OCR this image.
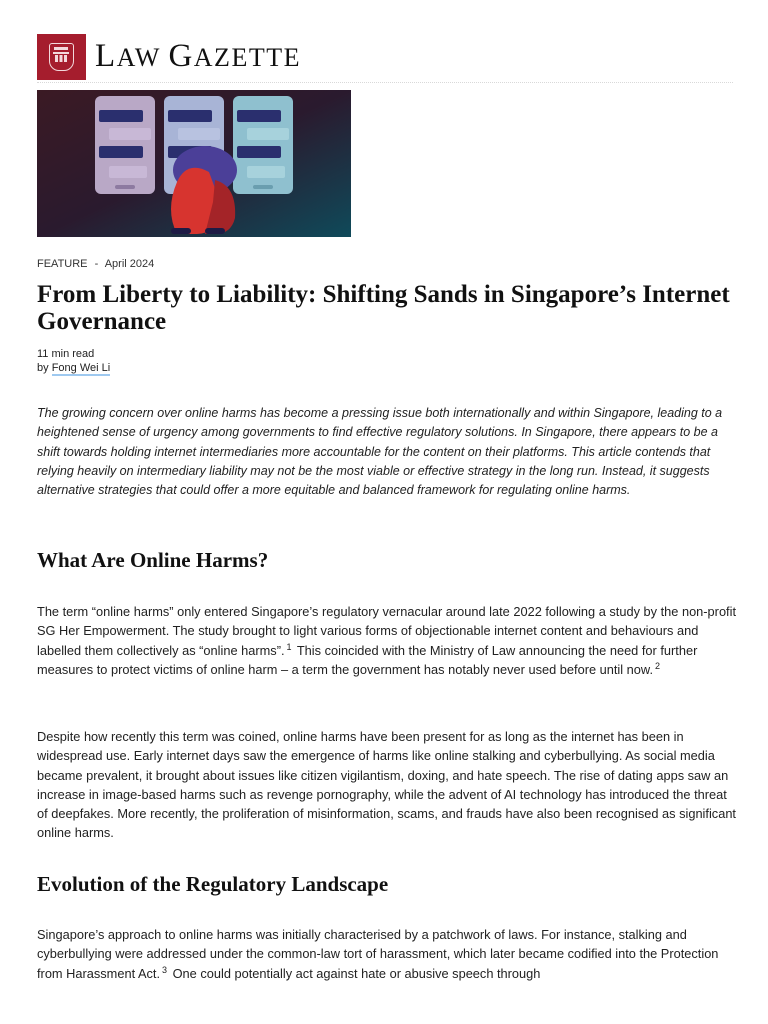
LAW GAZETTE
FEATURE - April 2024
From Liberty to Liability: Shifting Sands in Singapore’s Internet Governance
11 min read
by Fong Wei Li

The growing concern over online harms has become a pressing issue both internationally and within Singapore, leading to a heightened sense of urgency among governments to find effective regulatory solutions. In Singapore, there appears to be a shift towards holding internet intermediaries more accountable for the content on their platforms. This article contends that relying heavily on intermediary liability may not be the most viable or effective strategy in the long run. Instead, it suggests alternative strategies that could offer a more equitable and balanced framework for regulating online harms.

What Are Online Harms?

The term “online harms” only entered Singapore’s regulatory vernacular around late 2022 following a study by the non-profit SG Her Empowerment. The study brought to light various forms of objectionable internet content and behaviours and labelled them collectively as “online harms”. $^1$ This coincided with the Ministry of Law announcing the need for further measures to protect victims of online harm – a term the government has notably never used before until now. $^2$

Despite how recently this term was coined, online harms have been present for as long as the internet has been in widespread use. Early internet days saw the emergence of harms like online stalking and cyberbullying. As social media became prevalent, it brought about issues like citizen vigilantism, doxing, and hate speech. The rise of dating apps saw an increase in image-based harms such as revenge pornography, while the advent of AI technology has introduced the threat of deepfakes. More recently, the proliferation of misinformation, scams, and frauds have also been recognised as significant online harms.

Evolution of the Regulatory Landscape

Singapore’s approach to online harms was initially characterised by a patchwork of laws. For instance, stalking and cyberbullying were addressed under the common-law tort of harassment, which later became codified into the Protection from Harassment Act. $^3$ One could potentially act against hate or abusive speech through
